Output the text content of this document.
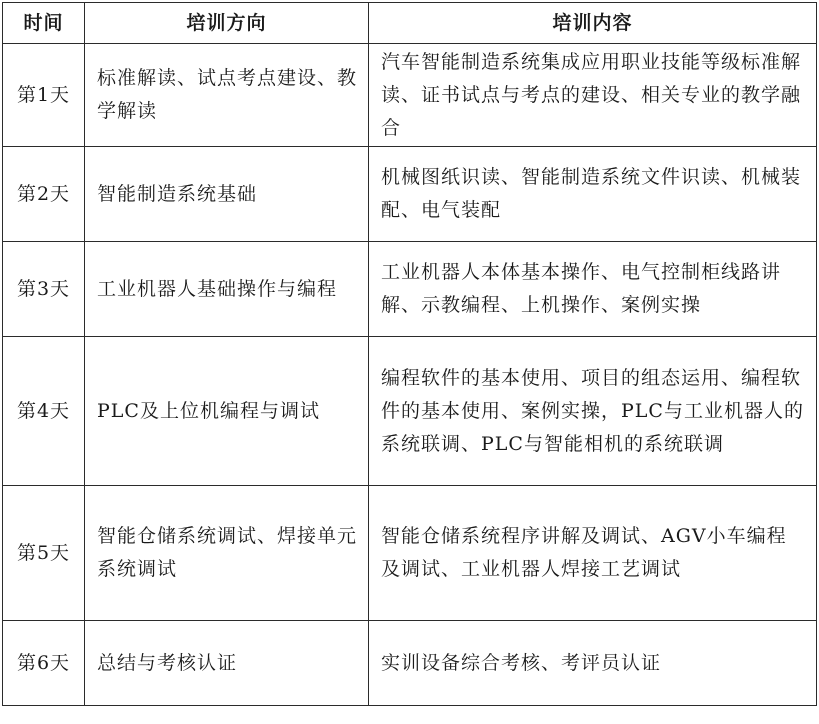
时间	培训方向	培训内容
第1天	标准解读、试点考点建设、教学解读	汽车智能制造系统集成应用职业技能等级标准解读、证书试点与考点的建设、相关专业的教学融合
第2天	智能制造系统基础	机械图纸识读、智能制造系统文件识读、机械装配、电气装配
第3天	工业机器人基础操作与编程	工业机器人本体基本操作、电气控制柜线路讲解、示教编程、上机操作、案例实操
第4天	PLC及上位机编程与调试	编程软件的基本使用、项目的组态运用、编程软件的基本使用、案例实操，PLC与工业机器人的系统联调、PLC与智能相机的系统联调
第5天	智能仓储系统调试、焊接单元系统调试	智能仓储系统程序讲解及调试、AGV小车编程及调试、工业机器人焊接工艺调试
第6天	总结与考核认证	实训设备综合考核、考评员认证
